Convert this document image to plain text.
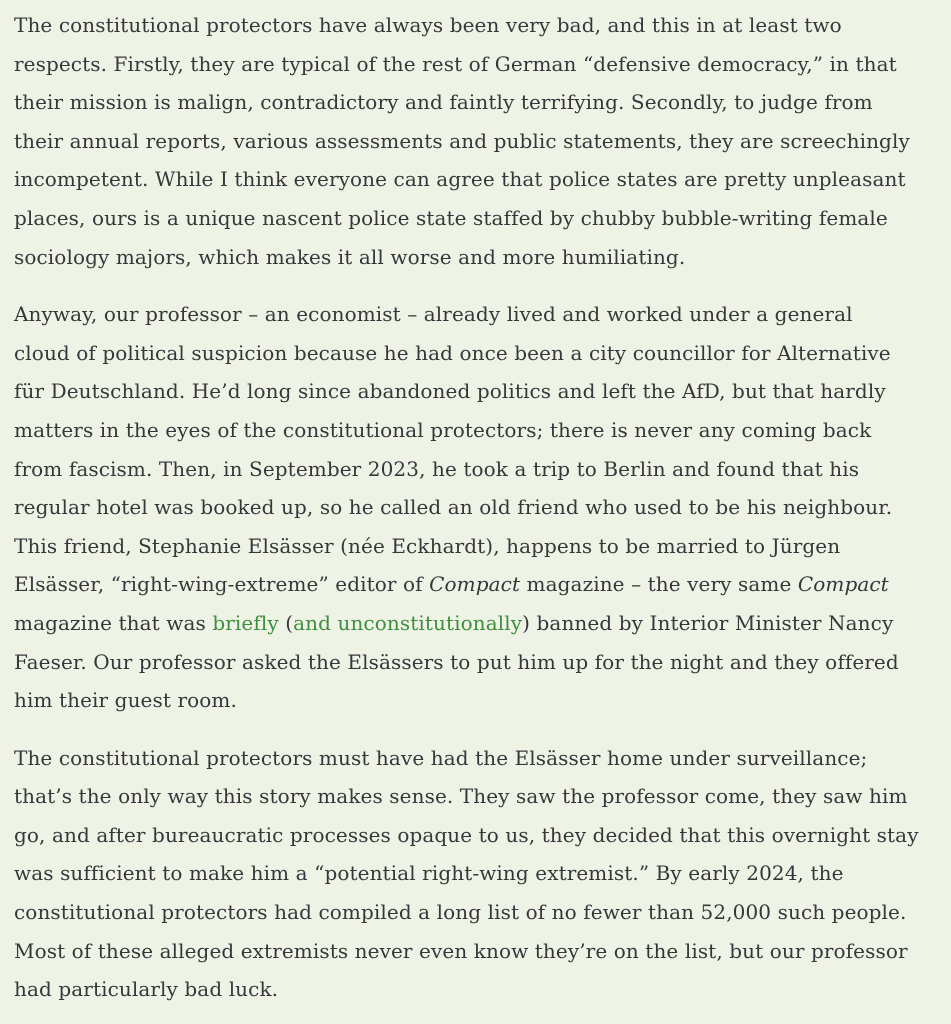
The constitutional protectors have always been very bad, and this in at least two
respects. Firstly, they are typical of the rest of German “defensive democracy,” in that
their mission is malign, contradictory and faintly terrifying. Secondly, to judge from
their annual reports, various assessments and public statements, they are screechingly
incompetent. While I think everyone can agree that police states are pretty unpleasant
places, ours is a unique nascent police state staffed by chubby bubble-writing female
sociology majors, which makes it all worse and more humiliating.

Anyway, our professor – an economist – already lived and worked under a general
cloud of political suspicion because he had once been a city councillor for Alternative
für Deutschland. He’d long since abandoned politics and left the AfD, but that hardly
matters in the eyes of the constitutional protectors; there is never any coming back
from fascism. Then, in September 2023, he took a trip to Berlin and found that his
regular hotel was booked up, so he called an old friend who used to be his neighbour.
This friend, Stephanie Elsässer (née Eckhardt), happens to be married to Jürgen
Elsässer, “right-wing-extreme” editor of Compact magazine – the very same Compact
magazine that was briefly (and unconstitutionally) banned by Interior Minister Nancy
Faeser. Our professor asked the Elsässers to put him up for the night and they offered
him their guest room.

The constitutional protectors must have had the Elsässer home under surveillance;
that’s the only way this story makes sense. They saw the professor come, they saw him
go, and after bureaucratic processes opaque to us, they decided that this overnight stay
was sufficient to make him a “potential right-wing extremist.” By early 2024, the
constitutional protectors had compiled a long list of no fewer than 52,000 such people.
Most of these alleged extremists never even know they’re on the list, but our professor
had particularly bad luck.
